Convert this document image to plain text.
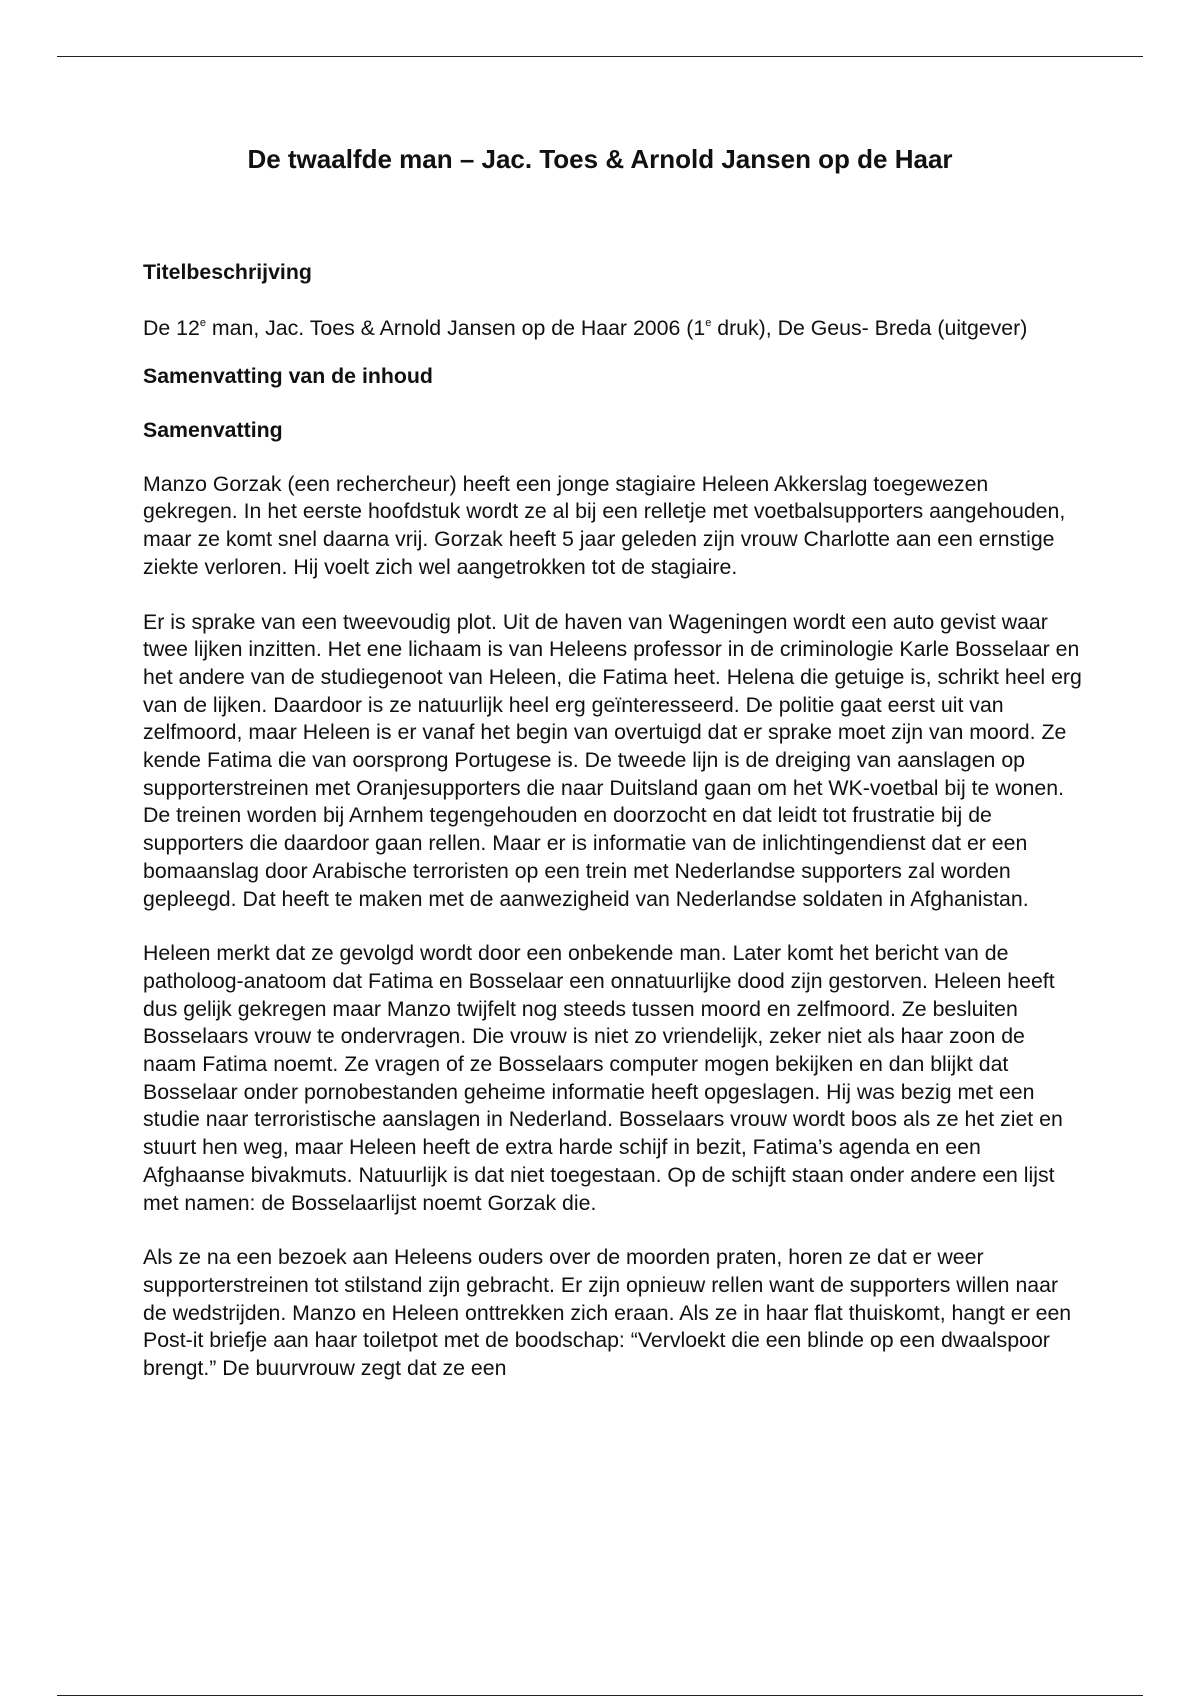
De twaalfde man – Jac. Toes & Arnold Jansen op de Haar
Titelbeschrijving

De 12e man, Jac. Toes & Arnold Jansen op de Haar 2006 (1e druk), De Geus- Breda (uitgever)

Samenvatting van de inhoud
Samenvatting

Manzo Gorzak (een rechercheur) heeft een jonge stagiaire Heleen Akkerslag toegewezen gekregen. In het eerste hoofdstuk wordt ze al bij een relletje met voetbalsupporters aangehouden, maar ze komt snel daarna vrij. Gorzak heeft 5 jaar geleden zijn vrouw Charlotte aan een ernstige ziekte verloren. Hij voelt zich wel aangetrokken tot de stagiaire.

Er is sprake van een tweevoudig plot. Uit de haven van Wageningen wordt een auto gevist waar twee lijken inzitten. Het ene lichaam is van Heleens professor in de criminologie Karle Bosselaar en het andere van de studiegenoot van Heleen, die Fatima heet. Helena die getuige is, schrikt heel erg van de lijken. Daardoor is ze natuurlijk heel erg geïnteresseerd. De politie gaat eerst uit van zelfmoord, maar Heleen is er vanaf het begin van overtuigd dat er sprake moet zijn van moord. Ze kende Fatima die van oorsprong Portugese is. De tweede lijn is de dreiging van aanslagen op supporterstreinen met Oranjesupporters die naar Duitsland gaan om het WK-voetbal bij te wonen. De treinen worden bij Arnhem tegengehouden en doorzocht en dat leidt tot frustratie bij de supporters die daardoor gaan rellen. Maar er is informatie van de inlichtingendienst dat er een bomaanslag door Arabische terroristen op een trein met Nederlandse supporters zal worden gepleegd. Dat heeft te maken met de aanwezigheid van Nederlandse soldaten in Afghanistan.

Heleen merkt dat ze gevolgd wordt door een onbekende man. Later komt het bericht van de patholoog-anatoom dat Fatima en Bosselaar een onnatuurlijke dood zijn gestorven. Heleen heeft dus gelijk gekregen maar Manzo twijfelt nog steeds tussen moord en zelfmoord. Ze besluiten Bosselaars vrouw te ondervragen. Die vrouw is niet zo vriendelijk, zeker niet als haar zoon de naam Fatima noemt. Ze vragen of ze Bosselaars computer mogen bekijken en dan blijkt dat Bosselaar onder pornobestanden geheime informatie heeft opgeslagen. Hij was bezig met een studie naar terroristische aanslagen in Nederland. Bosselaars vrouw wordt boos als ze het ziet en stuurt hen weg, maar Heleen heeft de extra harde schijf in bezit, Fatima’s agenda en een Afghaanse bivakmuts. Natuurlijk is dat niet toegestaan. Op de schijft staan onder andere een lijst met namen: de Bosselaarlijst noemt Gorzak die.

Als ze na een bezoek aan Heleens ouders over de moorden praten, horen ze dat er weer supporterstreinen tot stilstand zijn gebracht. Er zijn opnieuw rellen want de supporters willen naar de wedstrijden. Manzo en Heleen onttrekken zich eraan. Als ze in haar flat thuiskomt, hangt er een Post-it briefje aan haar toiletpot met de boodschap: “Vervloekt die een blinde op een dwaalspoor brengt.” De buurvrouw zegt dat ze een
